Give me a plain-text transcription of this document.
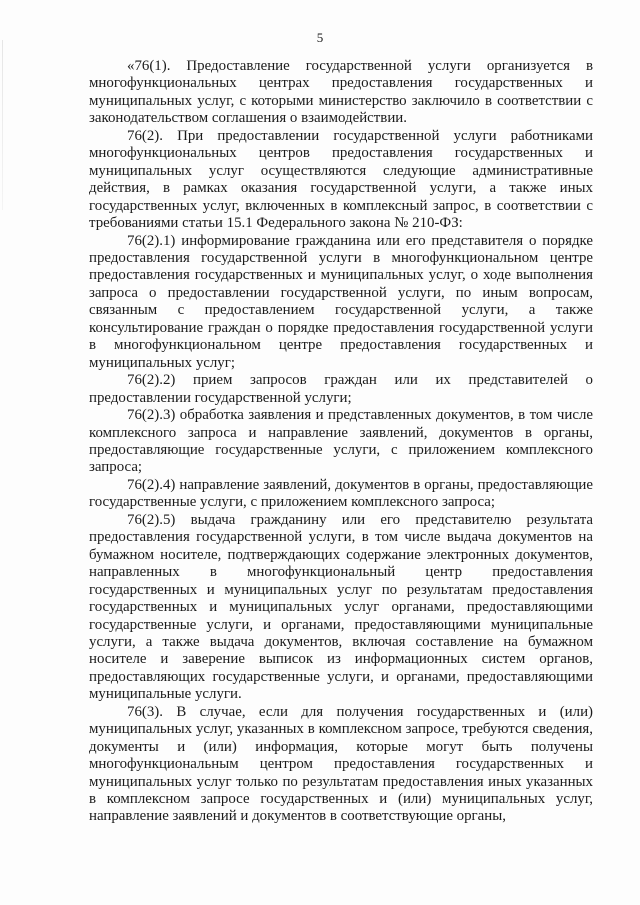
5

«76(1). Предоставление государственной услуги организуется в многофункциональных центрах предоставления государственных и муниципальных услуг, с которыми министерство заключило в соответствии с законодательством соглашения о взаимодействии.

76(2). При предоставлении государственной услуги работниками многофункциональных центров предоставления государственных и муниципальных услуг осуществляются следующие административные действия, в рамках оказания государственной услуги, а также иных государственных услуг, включенных в комплексный запрос, в соответствии с требованиями статьи 15.1 Федерального закона № 210-ФЗ:

76(2).1) информирование гражданина или его представителя о порядке предоставления государственной услуги в многофункциональном центре предоставления государственных и муниципальных услуг, о ходе выполнения запроса о предоставлении государственной услуги, по иным вопросам, связанным с предоставлением государственной услуги, а также консультирование граждан о порядке предоставления государственной услуги в многофункциональном центре предоставления государственных и муниципальных услуг;

76(2).2) прием запросов граждан или их представителей о предоставлении государственной услуги;

76(2).3) обработка заявления и представленных документов, в том числе комплексного запроса и направление заявлений, документов в органы, предоставляющие государственные услуги, с приложением комплексного запроса;

76(2).4) направление заявлений, документов в органы, предоставляющие государственные услуги, с приложением комплексного запроса;

76(2).5) выдача гражданину или его представителю результата предоставления государственной услуги, в том числе выдача документов на бумажном носителе, подтверждающих содержание электронных документов, направленных в многофункциональный центр предоставления государственных и муниципальных услуг по результатам предоставления государственных и муниципальных услуг органами, предоставляющими государственные услуги, и органами, предоставляющими муниципальные услуги, а также выдача документов, включая составление на бумажном носителе и заверение выписок из информационных систем органов, предоставляющих государственные услуги, и органами, предоставляющими муниципальные услуги.

76(3). В случае, если для получения государственных и (или) муниципальных услуг, указанных в комплексном запросе, требуются сведения, документы и (или) информация, которые могут быть получены многофункциональным центром предоставления государственных и муниципальных услуг только по результатам предоставления иных указанных в комплексном запросе государственных и (или) муниципальных услуг, направление заявлений и документов в соответствующие органы,
